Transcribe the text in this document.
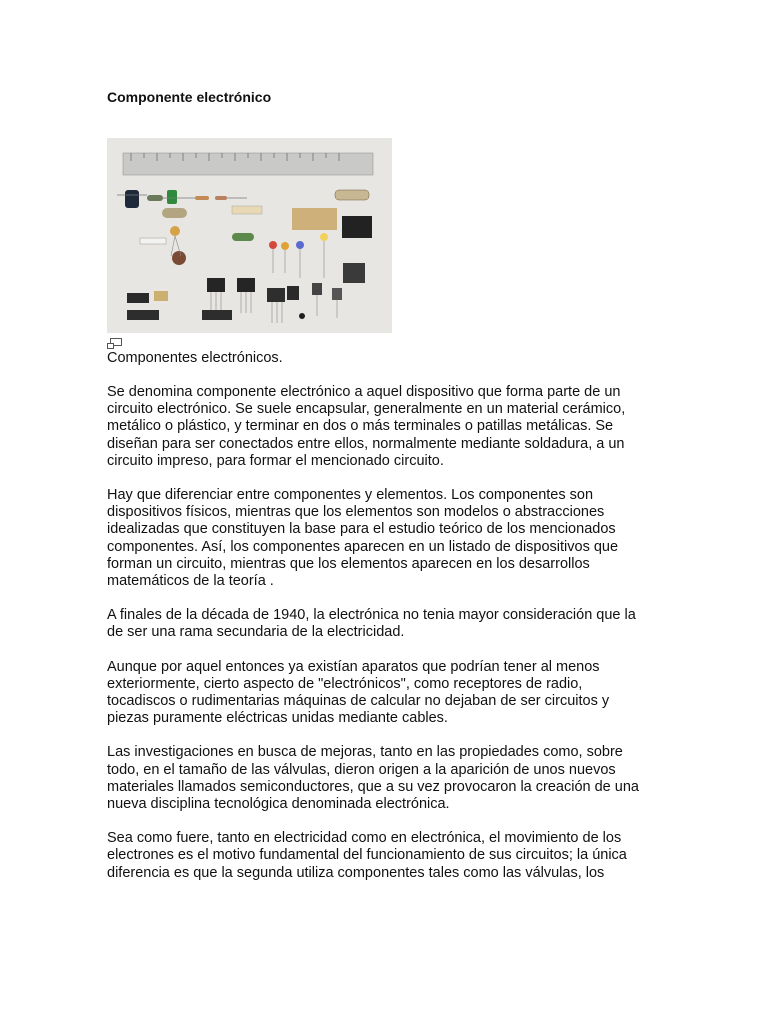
Componente electrónico

Componentes electrónicos.

Se denomina componente electrónico a aquel dispositivo que forma parte de un
circuito electrónico. Se suele encapsular, generalmente en un material cerámico,
metálico o plástico, y terminar en dos o más terminales o patillas metálicas. Se
diseñan para ser conectados entre ellos, normalmente mediante soldadura, a un
circuito impreso, para formar el mencionado circuito.

Hay que diferenciar entre componentes y elementos. Los componentes son
dispositivos físicos, mientras que los elementos son modelos o abstracciones
idealizadas que constituyen la base para el estudio teórico de los mencionados
componentes. Así, los componentes aparecen en un listado de dispositivos que
forman un circuito, mientras que los elementos aparecen en los desarrollos
matemáticos de la teoría .

A finales de la década de 1940, la electrónica no tenia mayor consideración que la
de ser una rama secundaria de la electricidad.

Aunque por aquel entonces ya existían aparatos que podrían tener al menos
exteriormente, cierto aspecto de "electrónicos", como receptores de radio,
tocadiscos o rudimentarias máquinas de calcular no dejaban de ser circuitos y
piezas puramente eléctricas unidas mediante cables.

Las investigaciones en busca de mejoras, tanto en las propiedades como, sobre
todo, en el tamaño de las válvulas, dieron origen a la aparición de unos nuevos
materiales llamados semiconductores, que a su vez provocaron la creación de una
nueva disciplina tecnológica denominada electrónica.

Sea como fuere, tanto en electricidad como en electrónica, el movimiento de los
electrones es el motivo fundamental del funcionamiento de sus circuitos; la única
diferencia es que la segunda utiliza componentes tales como las válvulas, los
